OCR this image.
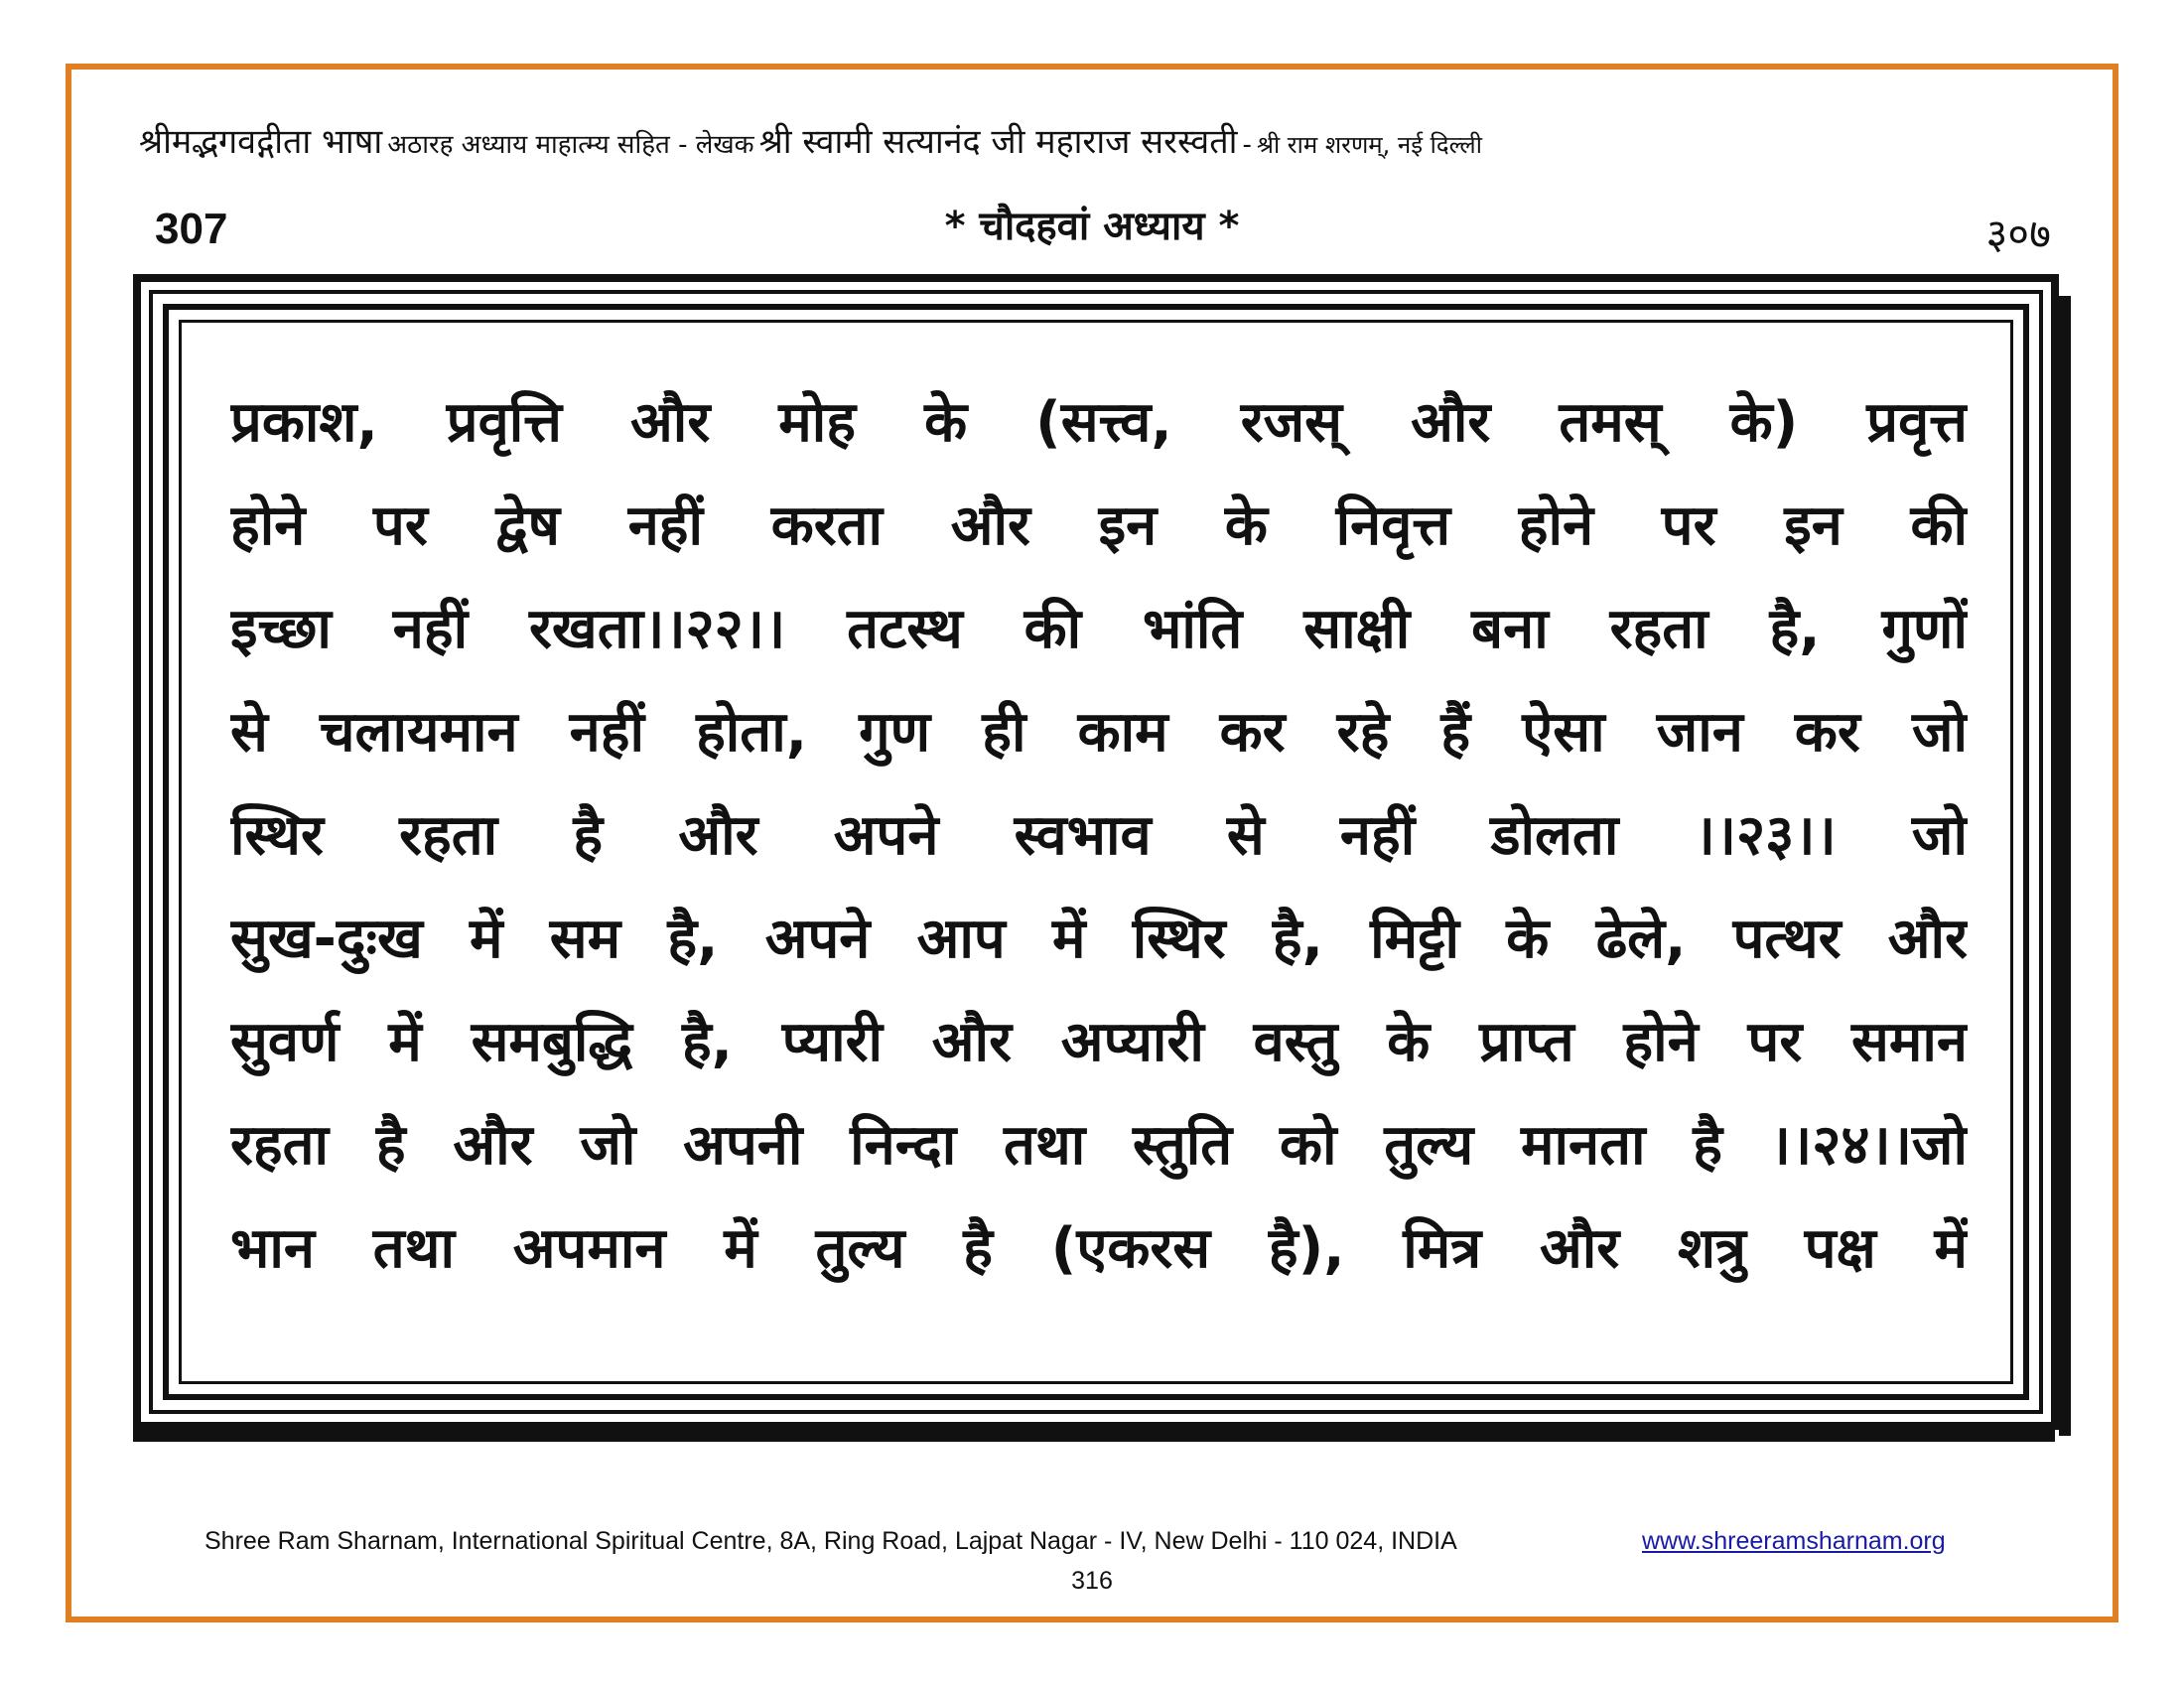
श्रीमद्भगवद्गीता भाषा अठारह अध्याय माहात्म्य सहित - लेखक श्री स्वामी सत्यानंद जी महाराज सरस्वती - श्री राम शरणम्, नई दिल्ली
307	* चौदहवां अध्याय *	३०७
प्रकाश, प्रवृत्ति और मोह के (सत्त्व, रजस् और तमस् के) प्रवृत्त
होने पर द्वेष नहीं करता और इन के निवृत्त होने पर इन की
इच्छा नहीं रखता।।२२।। तटस्थ की भांति साक्षी बना रहता है, गुणों
से चलायमान नहीं होता, गुण ही काम कर रहे हैं ऐसा जान कर जो
स्थिर रहता है और अपने स्वभाव से नहीं डोलता ।।२३।। जो
सुख-दुःख में सम है, अपने आप में स्थिर है, मिट्टी के ढेले, पत्थर और
सुवर्ण में समबुद्धि है, प्यारी और अप्यारी वस्तु के प्राप्त होने पर समान
रहता है और जो अपनी निन्दा तथा स्तुति को तुल्य मानता है ।।२४।।जो
भान तथा अपमान में तुल्य है (एकरस है), मित्र और शत्रु पक्ष में
Shree Ram Sharnam, International Spiritual Centre, 8A, Ring Road, Lajpat Nagar - IV, New Delhi - 110 024, INDIA	www.shreeramsharnam.org
316
